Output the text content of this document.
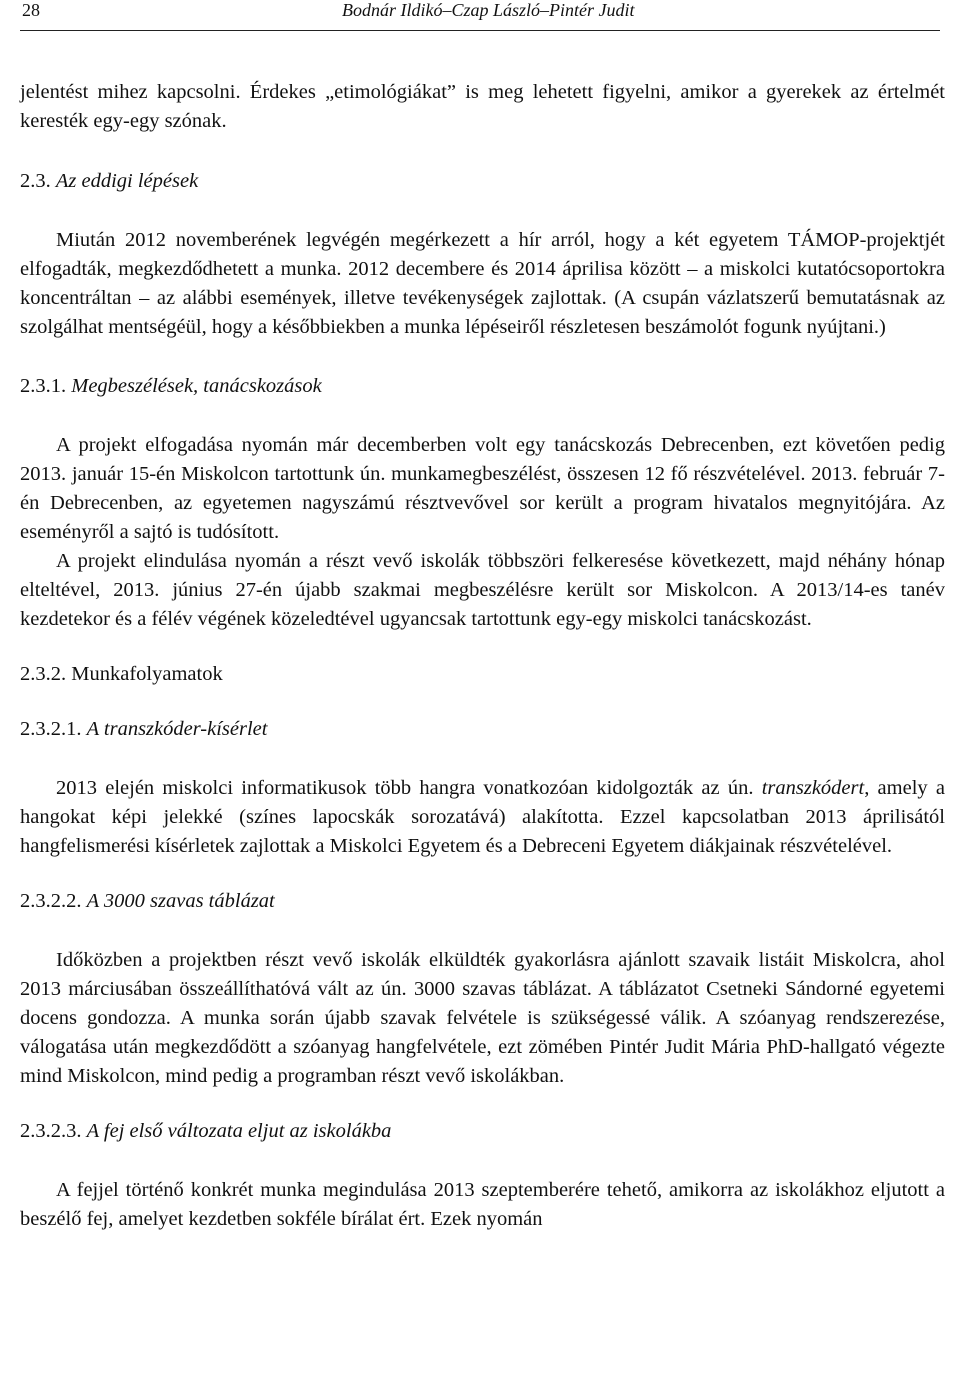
28	Bodnár Ildikó–Czap László–Pintér Judit

jelentést mihez kapcsolni. Érdekes „etimológiákat” is meg lehetett figyelni, amikor a gyerekek az értelmét keresték egy-egy szónak.

2.3. Az eddigi lépések

Miután 2012 novemberének legvégén megérkezett a hír arról, hogy a két egyetem TÁMOP-projektjét elfogadták, megkezdődhetett a munka. 2012 decembere és 2014 áprilisa között – a miskolci kutatócsoportokra koncentráltan – az alábbi események, illetve tevékenységek zajlottak. (A csupán vázlatszerű bemutatásnak az szolgálhat mentségéül, hogy a későbbiekben a munka lépéseiről részletesen beszámolót fogunk nyújtani.)

2.3.1. Megbeszélések, tanácskozások

A projekt elfogadása nyomán már decemberben volt egy tanácskozás Debrecenben, ezt követően pedig 2013. január 15-én Miskolcon tartottunk ún. munkamegbeszélést, összesen 12 fő részvételével. 2013. február 7-én Debrecenben, az egyetemen nagyszámú résztvevővel sor került a program hivatalos megnyitójára. Az eseményről a sajtó is tudósított.

A projekt elindulása nyomán a részt vevő iskolák többszöri felkeresése következett, majd néhány hónap elteltével, 2013. június 27-én újabb szakmai megbeszélésre került sor Miskolcon. A 2013/14-es tanév kezdetekor és a félév végének közeledtével ugyancsak tartottunk egy-egy miskolci tanácskozást.

2.3.2. Munkafolyamatok
2.3.2.1. A transzkóder-kísérlet

2013 elején miskolci informatikusok több hangra vonatkozóan kidolgozták az ún. transzkódert, amely a hangokat képi jelekké (színes lapocskák sorozatává) alakította. Ezzel kapcsolatban 2013 áprilisától hangfelismerési kísérletek zajlottak a Miskolci Egyetem és a Debreceni Egyetem diákjainak részvételével.

2.3.2.2. A 3000 szavas táblázat

Időközben a projektben részt vevő iskolák elküldték gyakorlásra ajánlott szavaik listáit Miskolcra, ahol 2013 márciusában összeállíthatóvá vált az ún. 3000 szavas táblázat. A táblázatot Csetneki Sándorné egyetemi docens gondozza. A munka során újabb szavak felvétele is szükségessé válik. A szóanyag rendszerezése, válogatása után megkezdődött a szóanyag hangfelvétele, ezt zömében Pintér Judit Mária PhD-hallgató végezte mind Miskolcon, mind pedig a programban részt vevő iskolákban.

2.3.2.3. A fej első változata eljut az iskolákba

A fejjel történő konkrét munka megindulása 2013 szeptemberére tehető, amikorra az iskolákhoz eljutott a beszélő fej, amelyet kezdetben sokféle bírálat ért. Ezek nyomán
